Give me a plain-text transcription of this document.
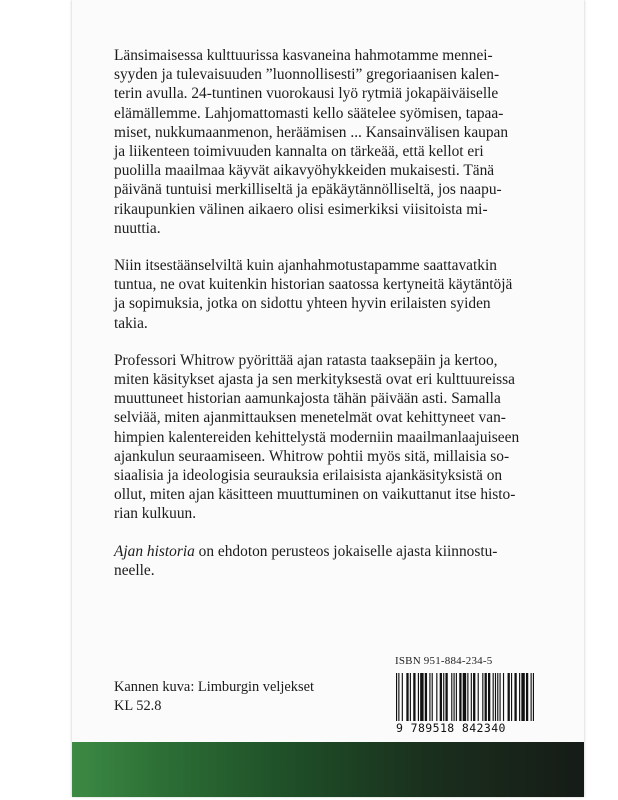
Länsimaisessa kulttuurissa kasvaneina hahmotamme mennei-
syyden ja tulevaisuuden ”luonnollisesti” gregoriaanisen kalen-
terin avulla. 24-tuntinen vuorokausi lyö rytmiä jokapäiväiselle
elämällemme. Lahjomattomasti kello säätelee syömisen, tapaa-
miset, nukkumaanmenon, heräämisen ... Kansainvälisen kaupan
ja liikenteen toimivuuden kannalta on tärkeää, että kellot eri
puolilla maailmaa käyvät aikavyöhykkeiden mukaisesti. Tänä
päivänä tuntuisi merkilliseltä ja epäkäytännölliseltä, jos naapu-
rikaupunkien välinen aikaero olisi esimerkiksi viisitoista mi-
nuuttia.

Niin itsestäänselviltä kuin ajanhahmotustapamme saattavatkin
tuntua, ne ovat kuitenkin historian saatossa kertyneitä käytäntöjä
ja sopimuksia, jotka on sidottu yhteen hyvin erilaisten syiden
takia.

Professori Whitrow pyörittää ajan ratasta taaksepäin ja kertoo,
miten käsitykset ajasta ja sen merkityksestä ovat eri kulttuureissa
muuttuneet historian aamunkajosta tähän päivään asti. Samalla
selviää, miten ajanmittauksen menetelmät ovat kehittyneet van-
himpien kalentereiden kehittelystä moderniin maailmanlaajuiseen
ajankulun seuraamiseen. Whitrow pohtii myös sitä, millaisia so-
siaalisia ja ideologisia seurauksia erilaisista ajankäsityksistä on
ollut, miten ajan käsitteen muuttuminen on vaikuttanut itse histo-
rian kulkuun.

Ajan historia on ehdoton perusteos jokaiselle ajasta kiinnostu-
neelle.

ISBN 951-884-234-5
9 789518 842340
Kannen kuva: Limburgin veljekset
KL 52.8
